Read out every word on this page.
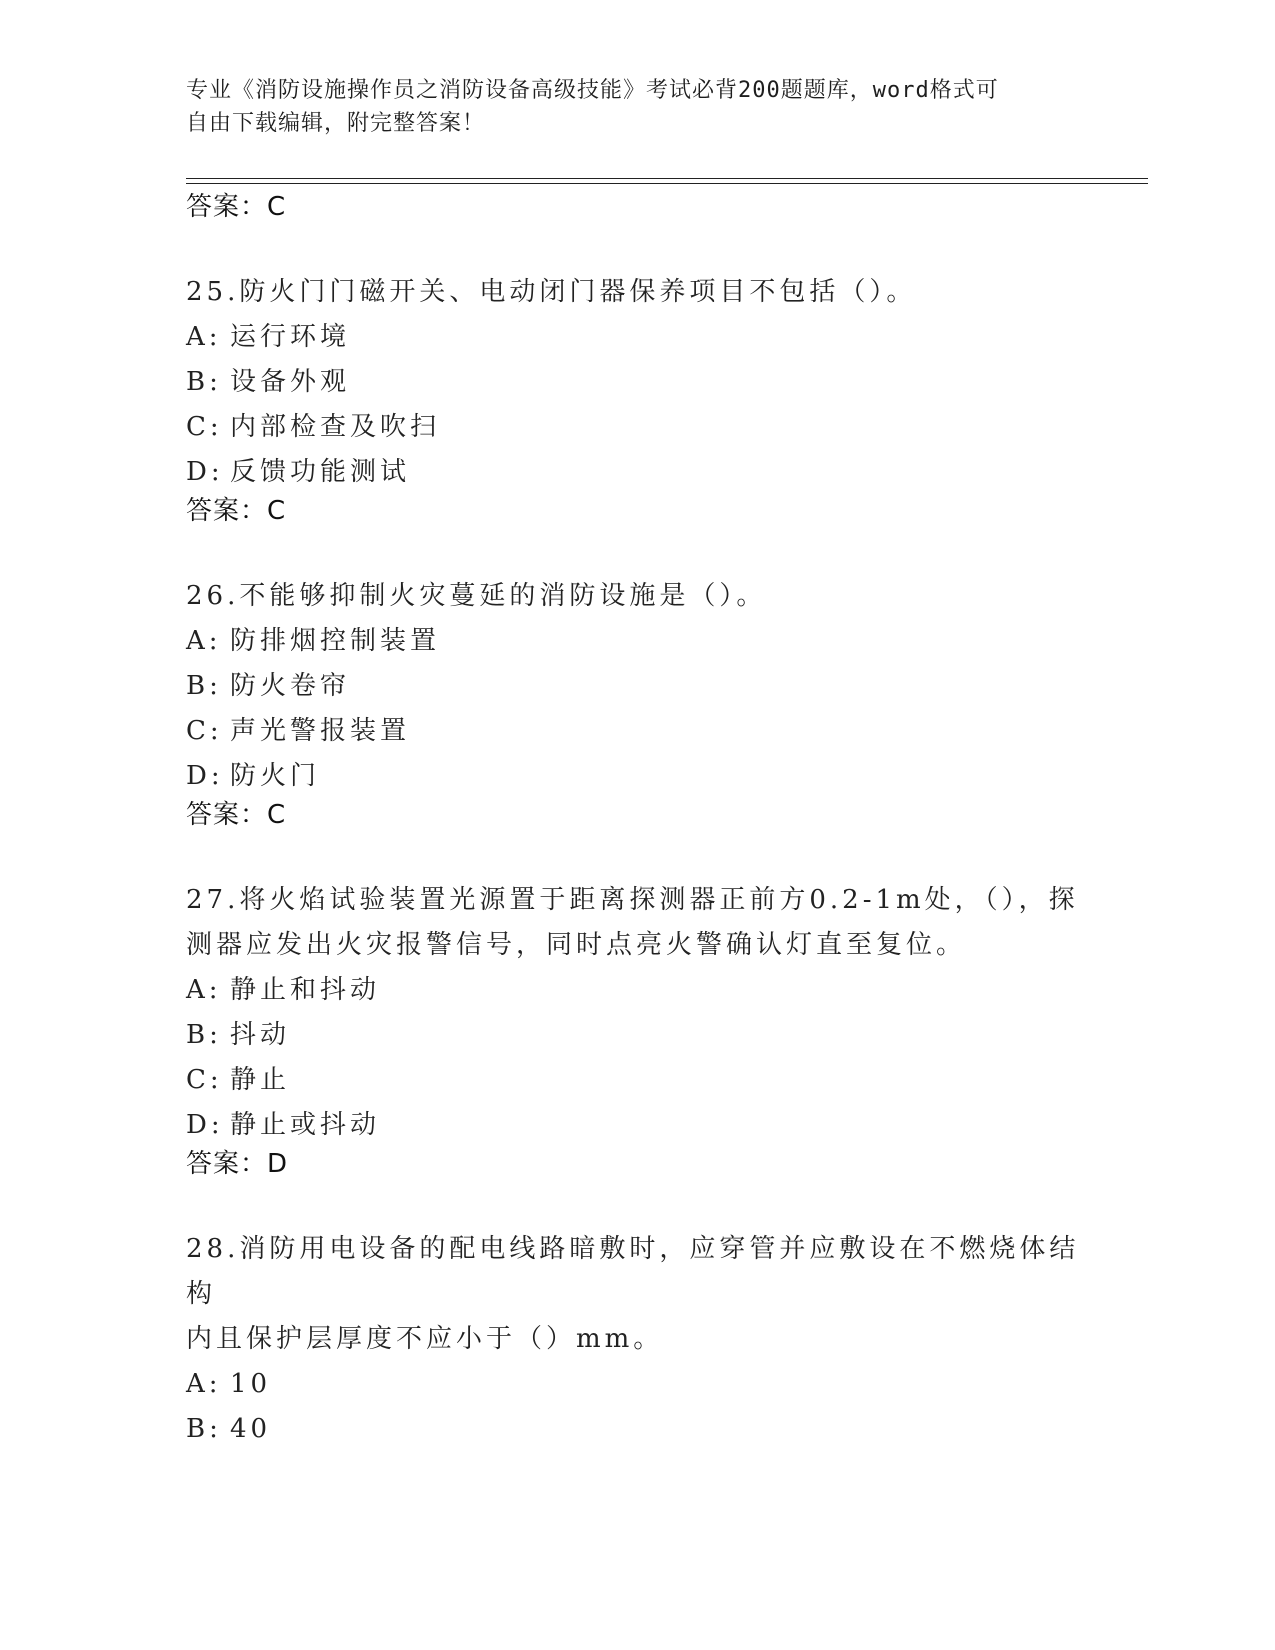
专业《消防设施操作员之消防设备高级技能》考试必背200题题库，word格式可
自由下载编辑，附完整答案！

答案：C

25.防火门门磁开关、电动闭门器保养项目不包括（）。

A: 运行环境

B: 设备外观

C: 内部检查及吹扫

D: 反馈功能测试

答案：C

26.不能够抑制火灾蔓延的消防设施是（）。

A: 防排烟控制装置

B: 防火卷帘

C: 声光警报装置

D: 防火门

答案：C

27.将火焰试验装置光源置于距离探测器正前方0.2-1m处，（），探

测器应发出火灾报警信号，同时点亮火警确认灯直至复位。

A: 静止和抖动

B: 抖动

C: 静止

D: 静止或抖动

答案：D

28.消防用电设备的配电线路暗敷时，应穿管并应敷设在不燃烧体结构

内且保护层厚度不应小于（）mm。

A: 10

B: 40
